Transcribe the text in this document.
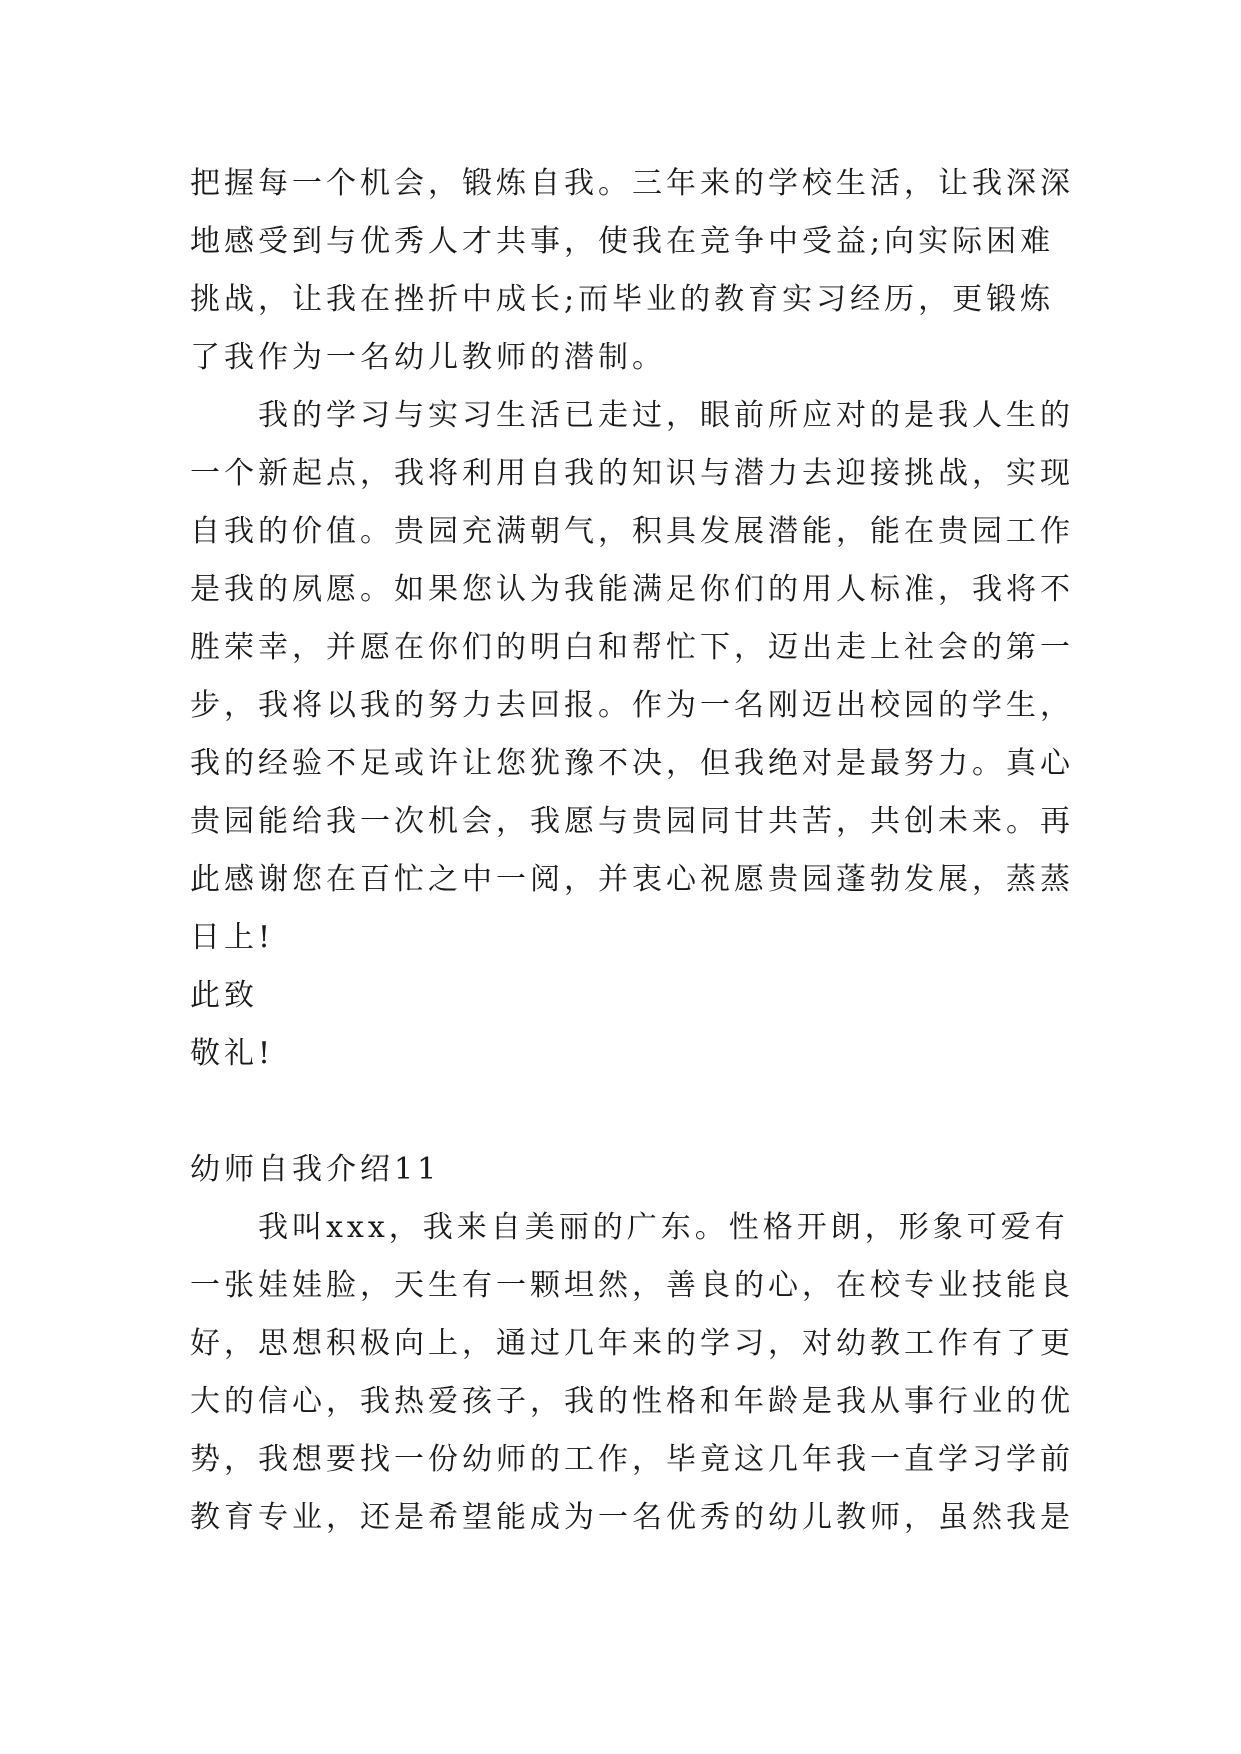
把握每一个机会，锻炼自我。三年来的学校生活，让我深深
地感受到与优秀人才共事，使我在竞争中受益;向实际困难
挑战，让我在挫折中成长;而毕业的教育实习经历，更锻炼
了我作为一名幼儿教师的潜制。
我的学习与实习生活已走过，眼前所应对的是我人生的
一个新起点，我将利用自我的知识与潜力去迎接挑战，实现
自我的价值。贵园充满朝气，积具发展潜能，能在贵园工作
是我的夙愿。如果您认为我能满足你们的用人标准，我将不
胜荣幸，并愿在你们的明白和帮忙下，迈出走上社会的第一
步，我将以我的努力去回报。作为一名刚迈出校园的学生，
我的经验不足或许让您犹豫不决，但我绝对是最努力。真心
贵园能给我一次机会，我愿与贵园同甘共苦，共创未来。再
此感谢您在百忙之中一阅，并衷心祝愿贵园蓬勃发展，蒸蒸
日上!
此致
敬礼!
幼师自我介绍11
我叫xxx，我来自美丽的广东。性格开朗，形象可爱有
一张娃娃脸，天生有一颗坦然，善良的心，在校专业技能良
好，思想积极向上，通过几年来的学习，对幼教工作有了更
大的信心，我热爱孩子，我的性格和年龄是我从事行业的优
势，我想要找一份幼师的工作，毕竟这几年我一直学习学前
教育专业，还是希望能成为一名优秀的幼儿教师，虽然我是
